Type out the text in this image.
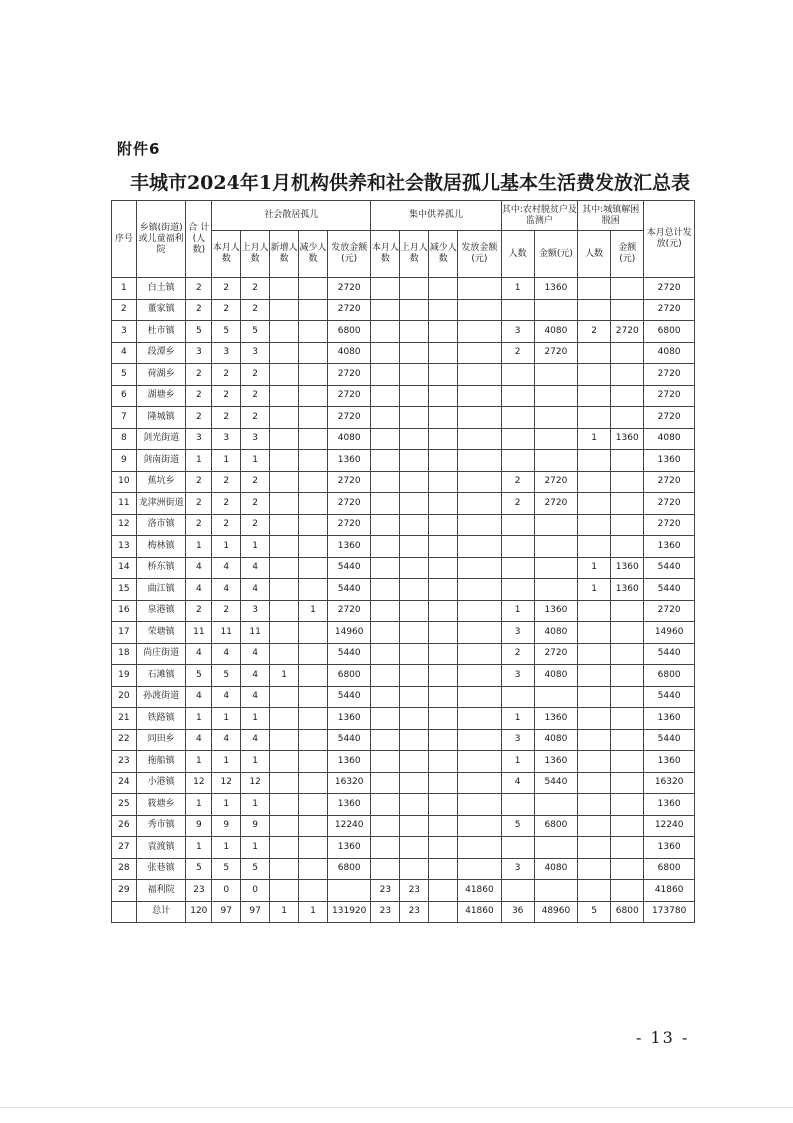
附件6
丰城市2024年1月机构供养和社会散居孤儿基本生活费发放汇总表
序号	乡镇(街道)或儿童福利院	合 计(人数)	社会散居孤儿					集中供养孤儿				其中:农村脱贫户及监测户		其中:城镇解困脱困		本月总计发放(元)
			本月人数	上月人数	新增人数	减少人数	发放金额(元)	本月人数	上月人数	减少人数	发放金额(元)	人数	金额(元)	人数	金额(元)	
1	白土镇	2	2	2			2720					1	1360			2720
2	董家镇	2	2	2			2720									2720
3	杜市镇	5	5	5			6800					3	4080	2	2720	6800
4	段潭乡	3	3	3			4080					2	2720			4080
5	荷湖乡	2	2	2			2720									2720
6	湖塘乡	2	2	2			2720									2720
7	隆城镇	2	2	2			2720									2720
8	剑光街道	3	3	3			4080							1	1360	4080
9	剑南街道	1	1	1			1360									1360
10	蕉坑乡	2	2	2			2720					2	2720			2720
11	龙津洲街道	2	2	2			2720					2	2720			2720
12	洛市镇	2	2	2			2720									2720
13	梅林镇	1	1	1			1360									1360
14	桥东镇	4	4	4			5440							1	1360	5440
15	曲江镇	4	4	4			5440							1	1360	5440
16	泉港镇	2	2	3		1	2720					1	1360			2720
17	荣塘镇	11	11	11			14960					3	4080			14960
18	尚庄街道	4	4	4			5440					2	2720			5440
19	石滩镇	5	5	4	1		6800					3	4080			6800
20	孙渡街道	4	4	4			5440									5440
21	铁路镇	1	1	1			1360					1	1360			1360
22	同田乡	4	4	4			5440					3	4080			5440
23	拖船镇	1	1	1			1360					1	1360			1360
24	小港镇	12	12	12			16320					4	5440			16320
25	筱塘乡	1	1	1			1360									1360
26	秀市镇	9	9	9			12240					5	6800			12240
27	袁渡镇	1	1	1			1360									1360
28	张巷镇	5	5	5			6800					3	4080			6800
29	福利院	23	0	0				23	23		41860					41860
	总计	120	97	97	1	1	131920	23	23		41860	36	48960	5	6800	173780
- 13 -
